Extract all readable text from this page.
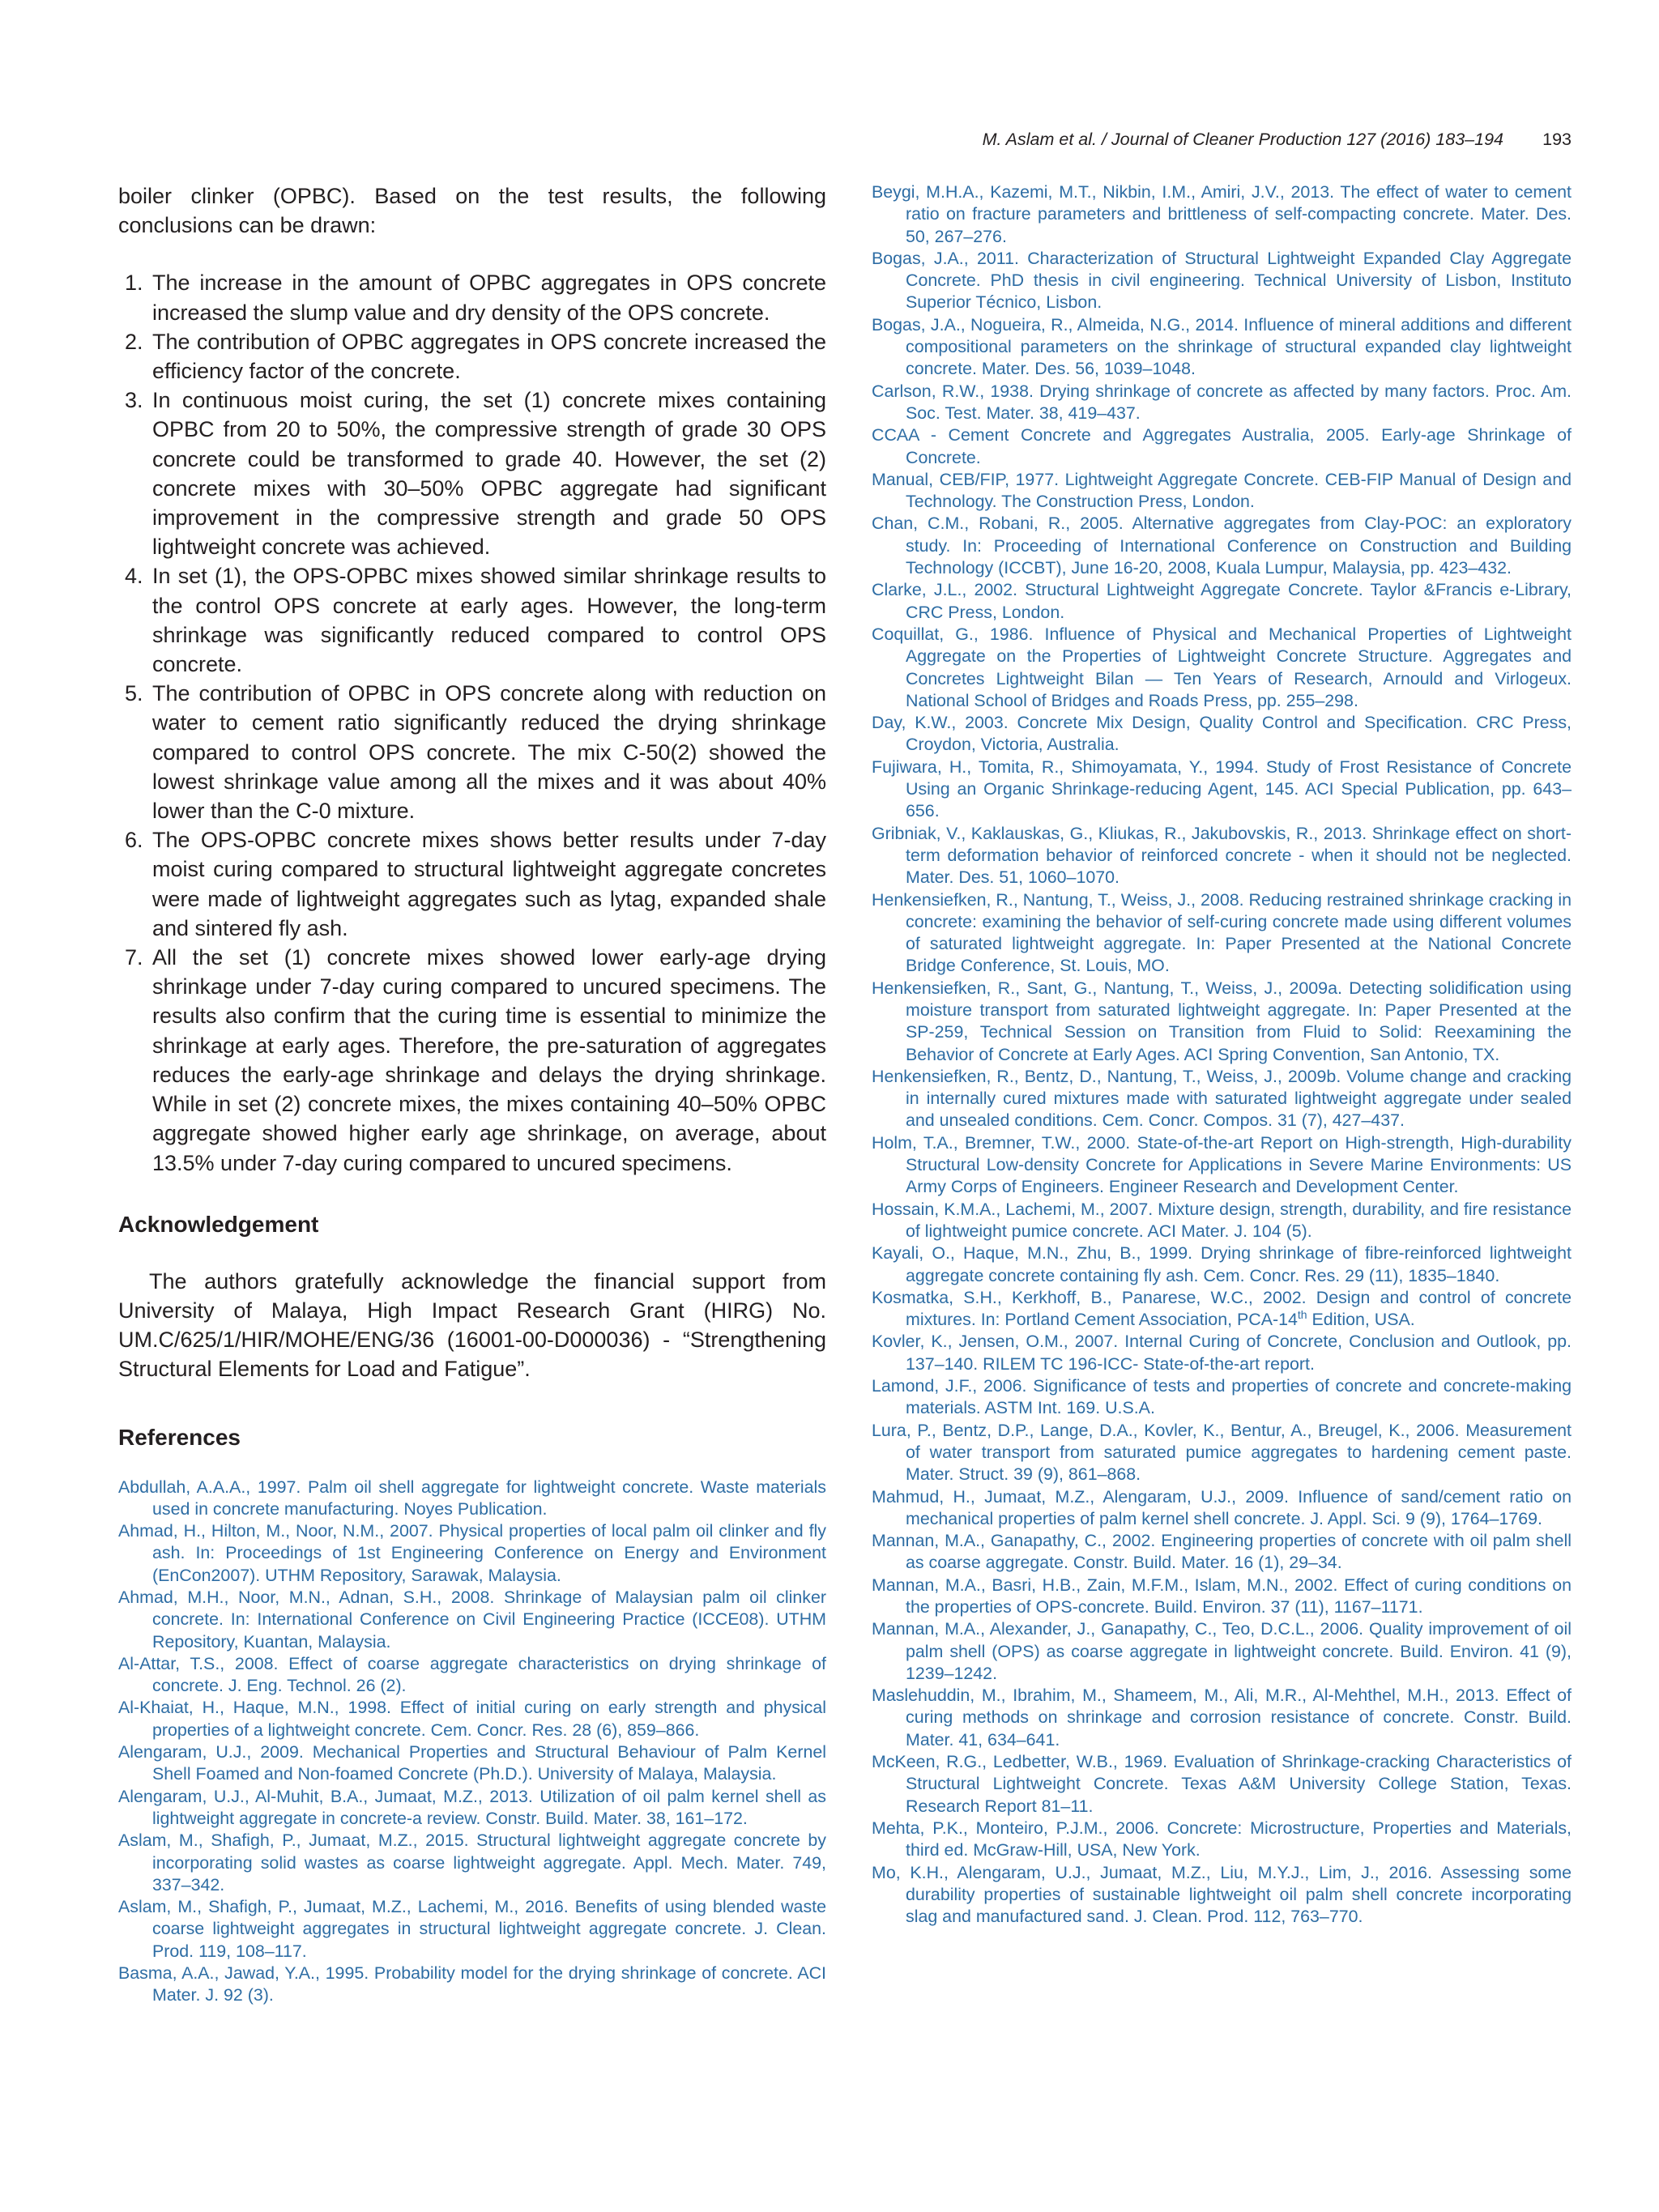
M. Aslam et al. / Journal of Cleaner Production 127 (2016) 183–194 193

boiler clinker (OPBC). Based on the test results, the following conclusions can be drawn:

1. The increase in the amount of OPBC aggregates in OPS concrete increased the slump value and dry density of the OPS concrete.
2. The contribution of OPBC aggregates in OPS concrete increased the efficiency factor of the concrete.
3. In continuous moist curing, the set (1) concrete mixes containing OPBC from 20 to 50%, the compressive strength of grade 30 OPS concrete could be transformed to grade 40. However, the set (2) concrete mixes with 30–50% OPBC aggregate had significant improvement in the compressive strength and grade 50 OPS lightweight concrete was achieved.
4. In set (1), the OPS-OPBC mixes showed similar shrinkage results to the control OPS concrete at early ages. However, the long-term shrinkage was significantly reduced compared to control OPS concrete.
5. The contribution of OPBC in OPS concrete along with reduction on water to cement ratio significantly reduced the drying shrinkage compared to control OPS concrete. The mix C-50(2) showed the lowest shrinkage value among all the mixes and it was about 40% lower than the C-0 mixture.
6. The OPS-OPBC concrete mixes shows better results under 7-day moist curing compared to structural lightweight aggregate concretes were made of lightweight aggregates such as lytag, expanded shale and sintered fly ash.
7. All the set (1) concrete mixes showed lower early-age drying shrinkage under 7-day curing compared to uncured specimens. The results also confirm that the curing time is essential to minimize the shrinkage at early ages. Therefore, the pre-saturation of aggregates reduces the early-age shrinkage and delays the drying shrinkage. While in set (2) concrete mixes, the mixes containing 40–50% OPBC aggregate showed higher early age shrinkage, on average, about 13.5% under 7-day curing compared to uncured specimens.
Acknowledgement

The authors gratefully acknowledge the financial support from University of Malaya, High Impact Research Grant (HIRG) No. UM.C/625/1/HIR/MOHE/ENG/36 (16001-00-D000036) - “Strengthening Structural Elements for Load and Fatigue”.

References
Abdullah, A.A.A., 1997. Palm oil shell aggregate for lightweight concrete. Waste materials used in concrete manufacturing. Noyes Publication.
Ahmad, H., Hilton, M., Noor, N.M., 2007. Physical properties of local palm oil clinker and fly ash. In: Proceedings of 1st Engineering Conference on Energy and Environment (EnCon2007). UTHM Repository, Sarawak, Malaysia.
Ahmad, M.H., Noor, M.N., Adnan, S.H., 2008. Shrinkage of Malaysian palm oil clinker concrete. In: International Conference on Civil Engineering Practice (ICCE08). UTHM Repository, Kuantan, Malaysia.
Al-Attar, T.S., 2008. Effect of coarse aggregate characteristics on drying shrinkage of concrete. J. Eng. Technol. 26 (2).
Al-Khaiat, H., Haque, M.N., 1998. Effect of initial curing on early strength and physical properties of a lightweight concrete. Cem. Concr. Res. 28 (6), 859–866.
Alengaram, U.J., 2009. Mechanical Properties and Structural Behaviour of Palm Kernel Shell Foamed and Non-foamed Concrete (Ph.D.). University of Malaya, Malaysia.
Alengaram, U.J., Al-Muhit, B.A., Jumaat, M.Z., 2013. Utilization of oil palm kernel shell as lightweight aggregate in concrete-a review. Constr. Build. Mater. 38, 161–172.
Aslam, M., Shafigh, P., Jumaat, M.Z., 2015. Structural lightweight aggregate concrete by incorporating solid wastes as coarse lightweight aggregate. Appl. Mech. Mater. 749, 337–342.
Aslam, M., Shafigh, P., Jumaat, M.Z., Lachemi, M., 2016. Benefits of using blended waste coarse lightweight aggregates in structural lightweight aggregate concrete. J. Clean. Prod. 119, 108–117.
Basma, A.A., Jawad, Y.A., 1995. Probability model for the drying shrinkage of concrete. ACI Mater. J. 92 (3).
Beygi, M.H.A., Kazemi, M.T., Nikbin, I.M., Amiri, J.V., 2013. The effect of water to cement ratio on fracture parameters and brittleness of self-compacting concrete. Mater. Des. 50, 267–276.
Bogas, J.A., 2011. Characterization of Structural Lightweight Expanded Clay Aggregate Concrete. PhD thesis in civil engineering. Technical University of Lisbon, Instituto Superior Técnico, Lisbon.
Bogas, J.A., Nogueira, R., Almeida, N.G., 2014. Influence of mineral additions and different compositional parameters on the shrinkage of structural expanded clay lightweight concrete. Mater. Des. 56, 1039–1048.
Carlson, R.W., 1938. Drying shrinkage of concrete as affected by many factors. Proc. Am. Soc. Test. Mater. 38, 419–437.
CCAA - Cement Concrete and Aggregates Australia, 2005. Early-age Shrinkage of Concrete.
Manual, CEB/FIP, 1977. Lightweight Aggregate Concrete. CEB-FIP Manual of Design and Technology. The Construction Press, London.
Chan, C.M., Robani, R., 2005. Alternative aggregates from Clay-POC: an exploratory study. In: Proceeding of International Conference on Construction and Building Technology (ICCBT), June 16-20, 2008, Kuala Lumpur, Malaysia, pp. 423–432.
Clarke, J.L., 2002. Structural Lightweight Aggregate Concrete. Taylor &Francis e-Library, CRC Press, London.
Coquillat, G., 1986. Influence of Physical and Mechanical Properties of Lightweight Aggregate on the Properties of Lightweight Concrete Structure. Aggregates and Concretes Lightweight Bilan — Ten Years of Research, Arnould and Virlogeux. National School of Bridges and Roads Press, pp. 255–298.
Day, K.W., 2003. Concrete Mix Design, Quality Control and Specification. CRC Press, Croydon, Victoria, Australia.
Fujiwara, H., Tomita, R., Shimoyamata, Y., 1994. Study of Frost Resistance of Concrete Using an Organic Shrinkage-reducing Agent, 145. ACI Special Publication, pp. 643–656.
Gribniak, V., Kaklauskas, G., Kliukas, R., Jakubovskis, R., 2013. Shrinkage effect on short-term deformation behavior of reinforced concrete - when it should not be neglected. Mater. Des. 51, 1060–1070.
Henkensiefken, R., Nantung, T., Weiss, J., 2008. Reducing restrained shrinkage cracking in concrete: examining the behavior of self-curing concrete made using different volumes of saturated lightweight aggregate. In: Paper Presented at the National Concrete Bridge Conference, St. Louis, MO.
Henkensiefken, R., Sant, G., Nantung, T., Weiss, J., 2009a. Detecting solidification using moisture transport from saturated lightweight aggregate. In: Paper Presented at the SP-259, Technical Session on Transition from Fluid to Solid: Reexamining the Behavior of Concrete at Early Ages. ACI Spring Convention, San Antonio, TX.
Henkensiefken, R., Bentz, D., Nantung, T., Weiss, J., 2009b. Volume change and cracking in internally cured mixtures made with saturated lightweight aggregate under sealed and unsealed conditions. Cem. Concr. Compos. 31 (7), 427–437.
Holm, T.A., Bremner, T.W., 2000. State-of-the-art Report on High-strength, High-durability Structural Low-density Concrete for Applications in Severe Marine Environments: US Army Corps of Engineers. Engineer Research and Development Center.
Hossain, K.M.A., Lachemi, M., 2007. Mixture design, strength, durability, and fire resistance of lightweight pumice concrete. ACI Mater. J. 104 (5).
Kayali, O., Haque, M.N., Zhu, B., 1999. Drying shrinkage of fibre-reinforced lightweight aggregate concrete containing fly ash. Cem. Concr. Res. 29 (11), 1835–1840.
Kosmatka, S.H., Kerkhoff, B., Panarese, W.C., 2002. Design and control of concrete mixtures. In: Portland Cement Association, PCA-14th Edition, USA.
Kovler, K., Jensen, O.M., 2007. Internal Curing of Concrete, Conclusion and Outlook, pp. 137–140. RILEM TC 196-ICC- State-of-the-art report.
Lamond, J.F., 2006. Significance of tests and properties of concrete and concrete-making materials. ASTM Int. 169. U.S.A.
Lura, P., Bentz, D.P., Lange, D.A., Kovler, K., Bentur, A., Breugel, K., 2006. Measurement of water transport from saturated pumice aggregates to hardening cement paste. Mater. Struct. 39 (9), 861–868.
Mahmud, H., Jumaat, M.Z., Alengaram, U.J., 2009. Influence of sand/cement ratio on mechanical properties of palm kernel shell concrete. J. Appl. Sci. 9 (9), 1764–1769.
Mannan, M.A., Ganapathy, C., 2002. Engineering properties of concrete with oil palm shell as coarse aggregate. Constr. Build. Mater. 16 (1), 29–34.
Mannan, M.A., Basri, H.B., Zain, M.F.M., Islam, M.N., 2002. Effect of curing conditions on the properties of OPS-concrete. Build. Environ. 37 (11), 1167–1171.
Mannan, M.A., Alexander, J., Ganapathy, C., Teo, D.C.L., 2006. Quality improvement of oil palm shell (OPS) as coarse aggregate in lightweight concrete. Build. Environ. 41 (9), 1239–1242.
Maslehuddin, M., Ibrahim, M., Shameem, M., Ali, M.R., Al-Mehthel, M.H., 2013. Effect of curing methods on shrinkage and corrosion resistance of concrete. Constr. Build. Mater. 41, 634–641.
McKeen, R.G., Ledbetter, W.B., 1969. Evaluation of Shrinkage-cracking Characteristics of Structural Lightweight Concrete. Texas A&M University College Station, Texas. Research Report 81–11.
Mehta, P.K., Monteiro, P.J.M., 2006. Concrete: Microstructure, Properties and Materials, third ed. McGraw-Hill, USA, New York.
Mo, K.H., Alengaram, U.J., Jumaat, M.Z., Liu, M.Y.J., Lim, J., 2016. Assessing some durability properties of sustainable lightweight oil palm shell concrete incorporating slag and manufactured sand. J. Clean. Prod. 112, 763–770.
